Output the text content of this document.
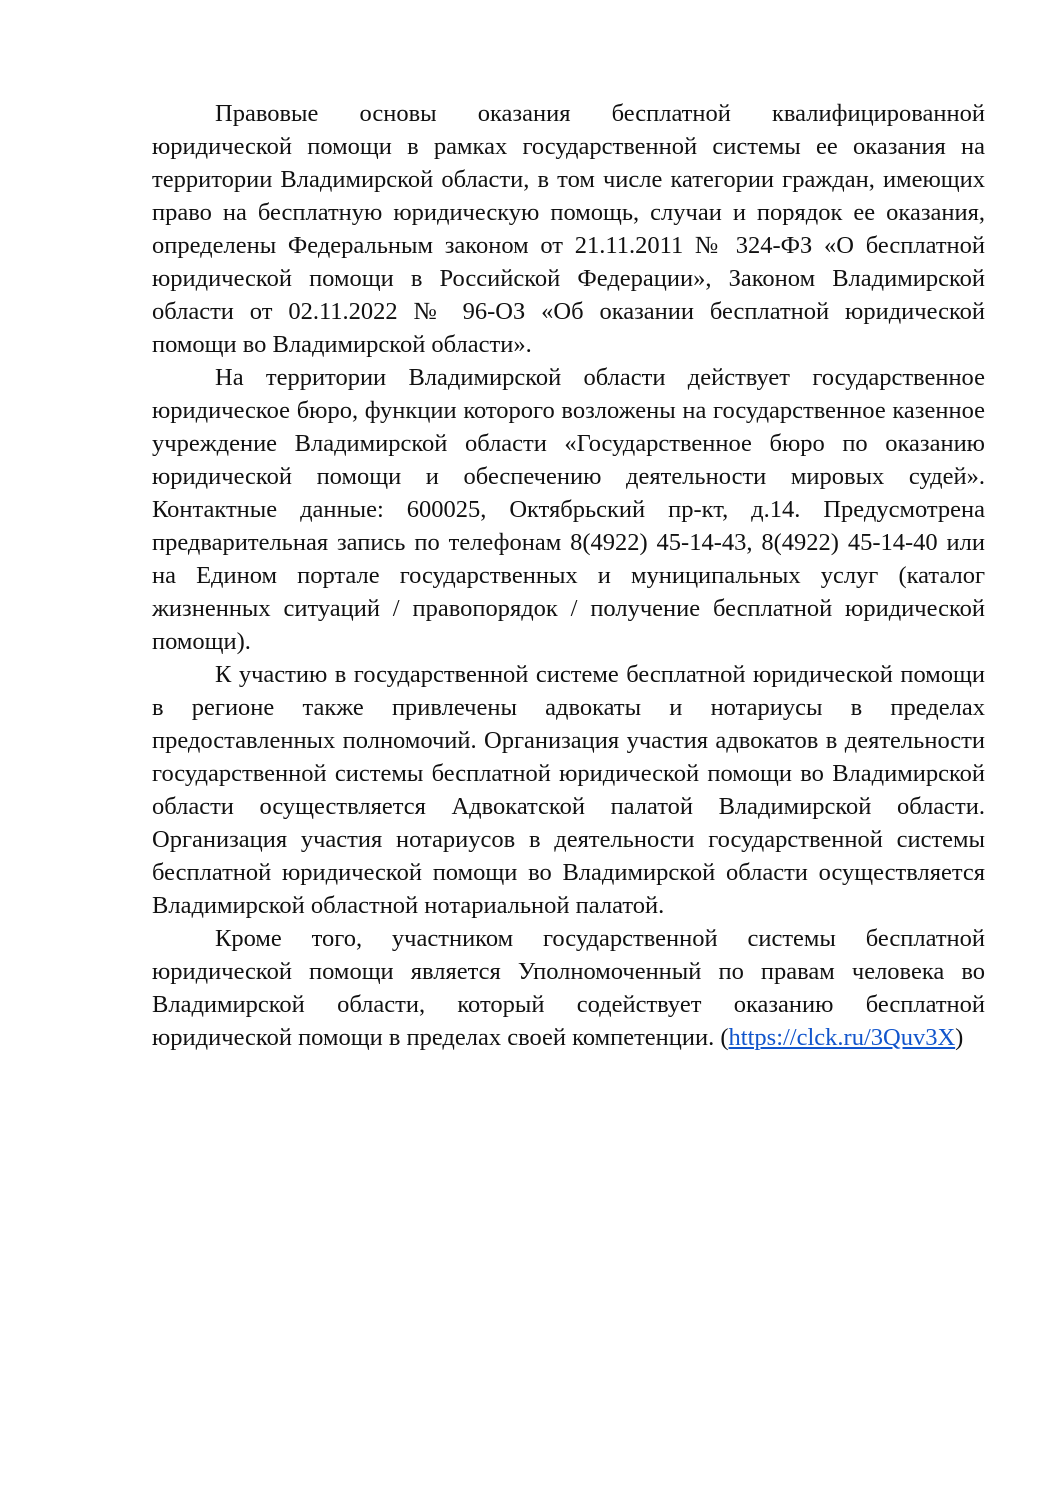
Правовые основы оказания бесплатной квалифицированной юридической помощи в рамках государственной системы ее оказания на территории Владимирской области, в том числе категории граждан, имеющих право на бесплатную юридическую помощь, случаи и порядок ее оказания, определены Федеральным законом от 21.11.2011 № 324-ФЗ «О бесплатной юридической помощи в Российской Федерации», Законом Владимирской области от 02.11.2022 № 96-ОЗ «Об оказании бесплатной юридической помощи во Владимирской области».

На территории Владимирской области действует государственное юридическое бюро, функции которого возложены на государственное казенное учреждение Владимирской области «Государственное бюро по оказанию юридической помощи и обеспечению деятельности мировых судей». Контактные данные: 600025, Октябрьский пр-кт, д.14. Предусмотрена предварительная запись по телефонам 8(4922) 45-14-43, 8(4922) 45-14-40 или на Едином портале государственных и муниципальных услуг (каталог жизненных ситуаций / правопорядок / получение бесплатной юридической помощи).

К участию в государственной системе бесплатной юридической помощи в регионе также привлечены адвокаты и нотариусы в пределах предоставленных полномочий. Организация участия адвокатов в деятельности государственной системы бесплатной юридической помощи во Владимирской области осуществляется Адвокатской палатой Владимирской области. Организация участия нотариусов в деятельности государственной системы бесплатной юридической помощи во Владимирской области осуществляется Владимирской областной нотариальной палатой.

Кроме того, участником государственной системы бесплатной юридической помощи является Уполномоченный по правам человека во Владимирской области, который содействует оказанию бесплатной юридической помощи в пределах своей компетенции. (https://clck.ru/3Quv3X)
